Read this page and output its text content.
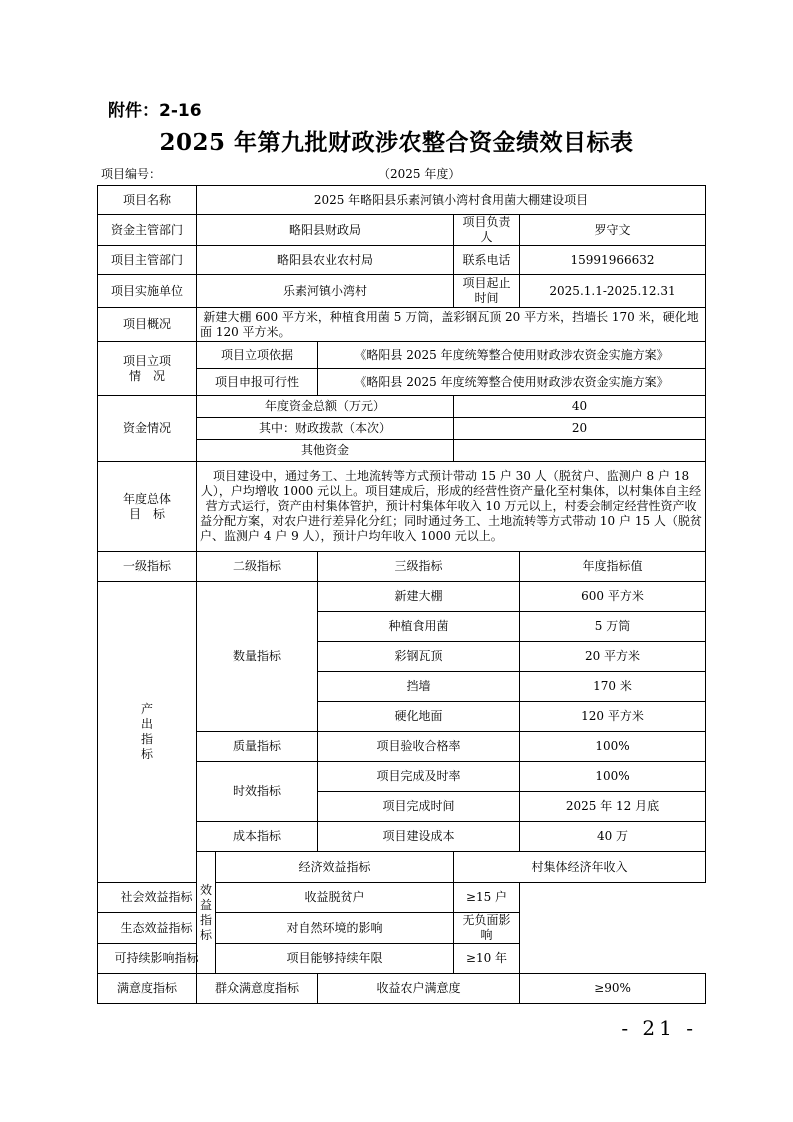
附件：2-16
2025 年第九批财政涉农整合资金绩效目标表
项目编号：	（2025 年度）
项目名称	2025 年略阳县乐素河镇小湾村食用菌大棚建设项目					
资金主管部门	略阳县财政局			项目负责人	罗守文	
项目主管部门	略阳县农业农村局			联系电话	15991966632	
项目实施单位	乐素河镇小湾村			项目起止时间	2025.1.1-2025.12.31	
项目概况	新建大棚 600 平方米，种植食用菌 5 万筒，盖彩钢瓦顶 20 平方米，挡墙长 170 米，硬化地面 120 平方米。					

项目立项
情　况	项目立项依据		《略阳县 2025 年度统筹整合使用财政涉农资金实施方案》			
	项目申报可行性		《略阳县 2025 年度统筹整合使用财政涉农资金实施方案》			
资金情况	年度资金总额（万元）			40		
	其中：财政拨款（本次）			20		
	其他资金					

年度总体
目　标	项目建设中，通过务工、土地流转等方式预计带动 15 户 30 人（脱贫户、监测户 8 户 18 人），户均增收 1000 元以上。项目建成后，形成的经营性资产量化至村集体，以村集体自主经营方式运行，资产由村集体管护，预计村集体年收入 10 万元以上，村委会制定经营性资产收益分配方案，对农户进行差异化分红；同时通过务工、土地流转等方式带动 10 户 15 人（脱贫户、监测户 4 户 9 人），预计户均年收入 1000 元以上。					
一级指标	二级指标		三级指标		年度指标值	

产
出
指
标	数量指标		新建大棚		600 平方米	
			种植食用菌		5 万筒	
			彩钢瓦顶		20 平方米	
			挡墙		170 米	
			硬化地面		120 平方米	
	质量指标		项目验收合格率		100%	
	时效指标		项目完成及时率		100%	
			项目完成时间		2025 年 12 月底	
	成本指标		项目建设成本		40 万	

	效
益
指
标	经济效益指标		村集体经济年收入	
社会效益指标		收益脱贫户		≥15 户		
生态效益指标		对自然环境的影响		无负面影响		
可持续影响指标		项目能够持续年限		≥10 年		
满意度指标	群众满意度指标		收益农户满意度		≥90%	
- 21 -
